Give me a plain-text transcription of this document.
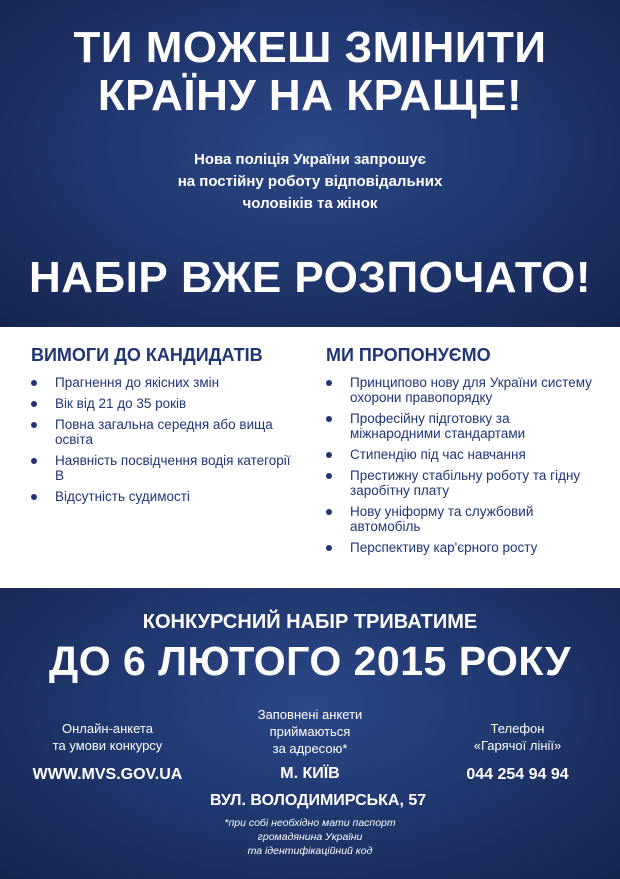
ТИ МОЖЕШ ЗМІНИТИ
КРАЇНУ НА КРАЩЕ!
Нова поліція України запрошує
на постійну роботу відповідальних
чоловіків та жінок
НАБІР ВЖЕ РОЗПОЧАТО!
ВИМОГИ ДО КАНДИДАТІВ
Прагнення до якісних змін
Вік від 21 до 35 років
Повна загальна середня або вища освіта
Наявність посвідчення водія категорії В
Відсутність судимості
МИ ПРОПОНУЄМО
Принципово нову для України систему охорони правопорядку
Професійну підготовку за міжнародними стандартами
Стипендію під час навчання
Престижну стабільну роботу та гідну заробітну плату
Нову уніформу та службовий автомобіль
Перспективу кар'єрного росту
КОНКУРСНИЙ НАБІР ТРИВАТИМЕ
ДО 6 ЛЮТОГО 2015 РОКУ
Онлайн-анкета
та умови конкурсу
WWW.MVS.GOV.UA
Заповнені анкети
приймаються
за адресою*
М. КИЇВ
ВУЛ. ВОЛОДИМИРСЬКА, 57
Телефон
«Гарячої лінії»
044 254 94 94
*при собі необхідно мати паспорт
громадянина України
та ідентифікаційний код
